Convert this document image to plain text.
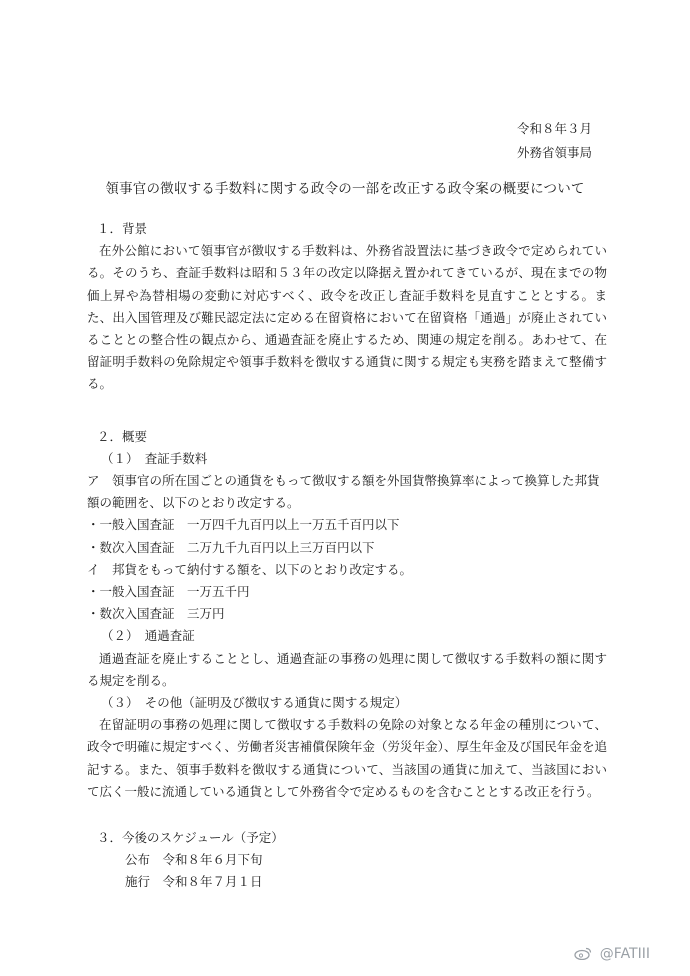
令和８年３月
外務省領事局
領事官の徴収する手数料に関する政令の一部を改正する政令案の概要について

１．背景

在外公館において領事官が徴収する手数料は、外務省設置法に基づき政令で定められている。そのうち、査証手数料は昭和５３年の改定以降据え置かれてきているが、現在までの物価上昇や為替相場の変動に対応すべく、政令を改正し査証手数料を見直すこととする。また、出入国管理及び難民認定法に定める在留資格において在留資格「通過」が廃止されていることとの整合性の観点から、通過査証を廃止するため、関連の規定を削る。あわせて、在留証明手数料の免除規定や領事手数料を徴収する通貨に関する規定も実務を踏まえて整備する。

２．概要

（１）　査証手数料

ア　領事官の所在国ごとの通貨をもって徴収する額を外国貨幣換算率によって換算した邦貨額の範囲を、以下のとおり改定する。

・一般入国査証　一万四千九百円以上一万五千百円以下

・数次入国査証　二万九千九百円以上三万百円以下

イ　邦貨をもって納付する額を、以下のとおり改定する。

・一般入国査証　一万五千円

・数次入国査証　三万円

（２）　通過査証

通過査証を廃止することとし、通過査証の事務の処理に関して徴収する手数料の額に関する規定を削る。

（３）　その他（証明及び徴収する通貨に関する規定）

在留証明の事務の処理に関して徴収する手数料の免除の対象となる年金の種別について、政令で明確に規定すべく、労働者災害補償保険年金（労災年金）、厚生年金及び国民年金を追記する。また、領事手数料を徴収する通貨について、当該国の通貨に加えて、当該国において広く一般に流通している通貨として外務省令で定めるものを含むこととする改正を行う。

３．今後のスケジュール（予定）

公布　令和８年６月下旬

施行　令和８年７月１日

@FATIII
